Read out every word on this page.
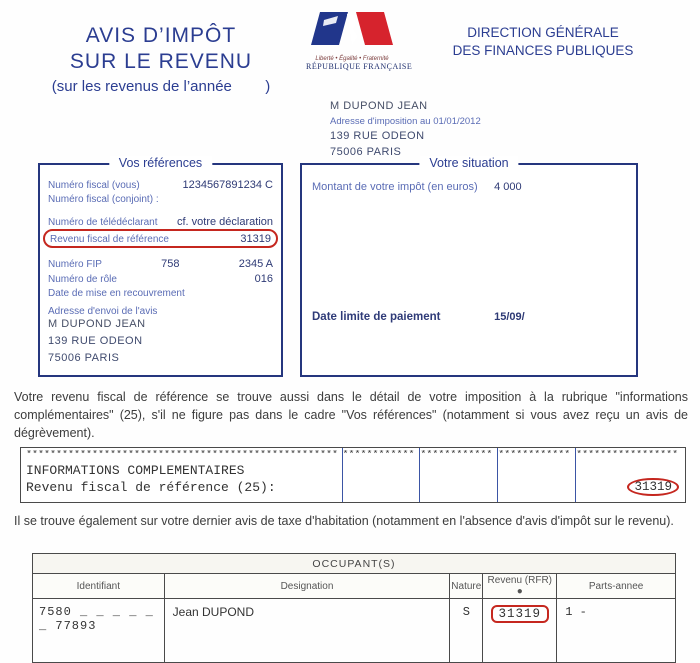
AVIS D’IMPÔT
SUR LE REVENU
(sur les revenus de l’année        )
Liberté • Égalité • Fraternité
RÉPUBLIQUE FRANÇAISE
DIRECTION GÉNÉRALE
DES FINANCES PUBLIQUES
M DUPOND JEAN
Adresse d'imposition au 01/01/2012
139 RUE ODEON
75006 PARIS
Vos références
Numéro fiscal (vous)	1234567891234 C
Numéro fiscal (conjoint) :
Numéro de télédéclarant cf. votre déclaration
Revenu fiscal de référence	31319
Numéro FIP	758	2345 A
Numéro de rôle	016
Date de mise en recouvrement
Adresse d'envoi de l'avis
M DUPOND JEAN
139 RUE ODEON
75006 PARIS
Votre situation
Montant de votre impôt (en euros)	4 000
Date limite de paiement	15/09/
Votre revenu fiscal de référence se trouve aussi dans le détail de votre imposition à la rubrique "informations complémentaires" (25), s'il ne figure pas dans le cadre "Vos références" (notamment si vous avez reçu un avis de dégrèvement).
****************************************************
INFORMATIONS COMPLEMENTAIRES
Revenu fiscal de référence (25):
************ ************ ************ *****************
31319
Il se trouve également sur votre dernier avis de taxe d'habitation (notamment en l'absence d'avis d'impôt sur le revenu).
OCCUPANT(S)				
Identifiant	Designation	Nature	Revenu (RFR) ●	Parts-annee
7580 _ _ _ _ _ _ 77893	Jean DUPOND	S	31319	1 -
